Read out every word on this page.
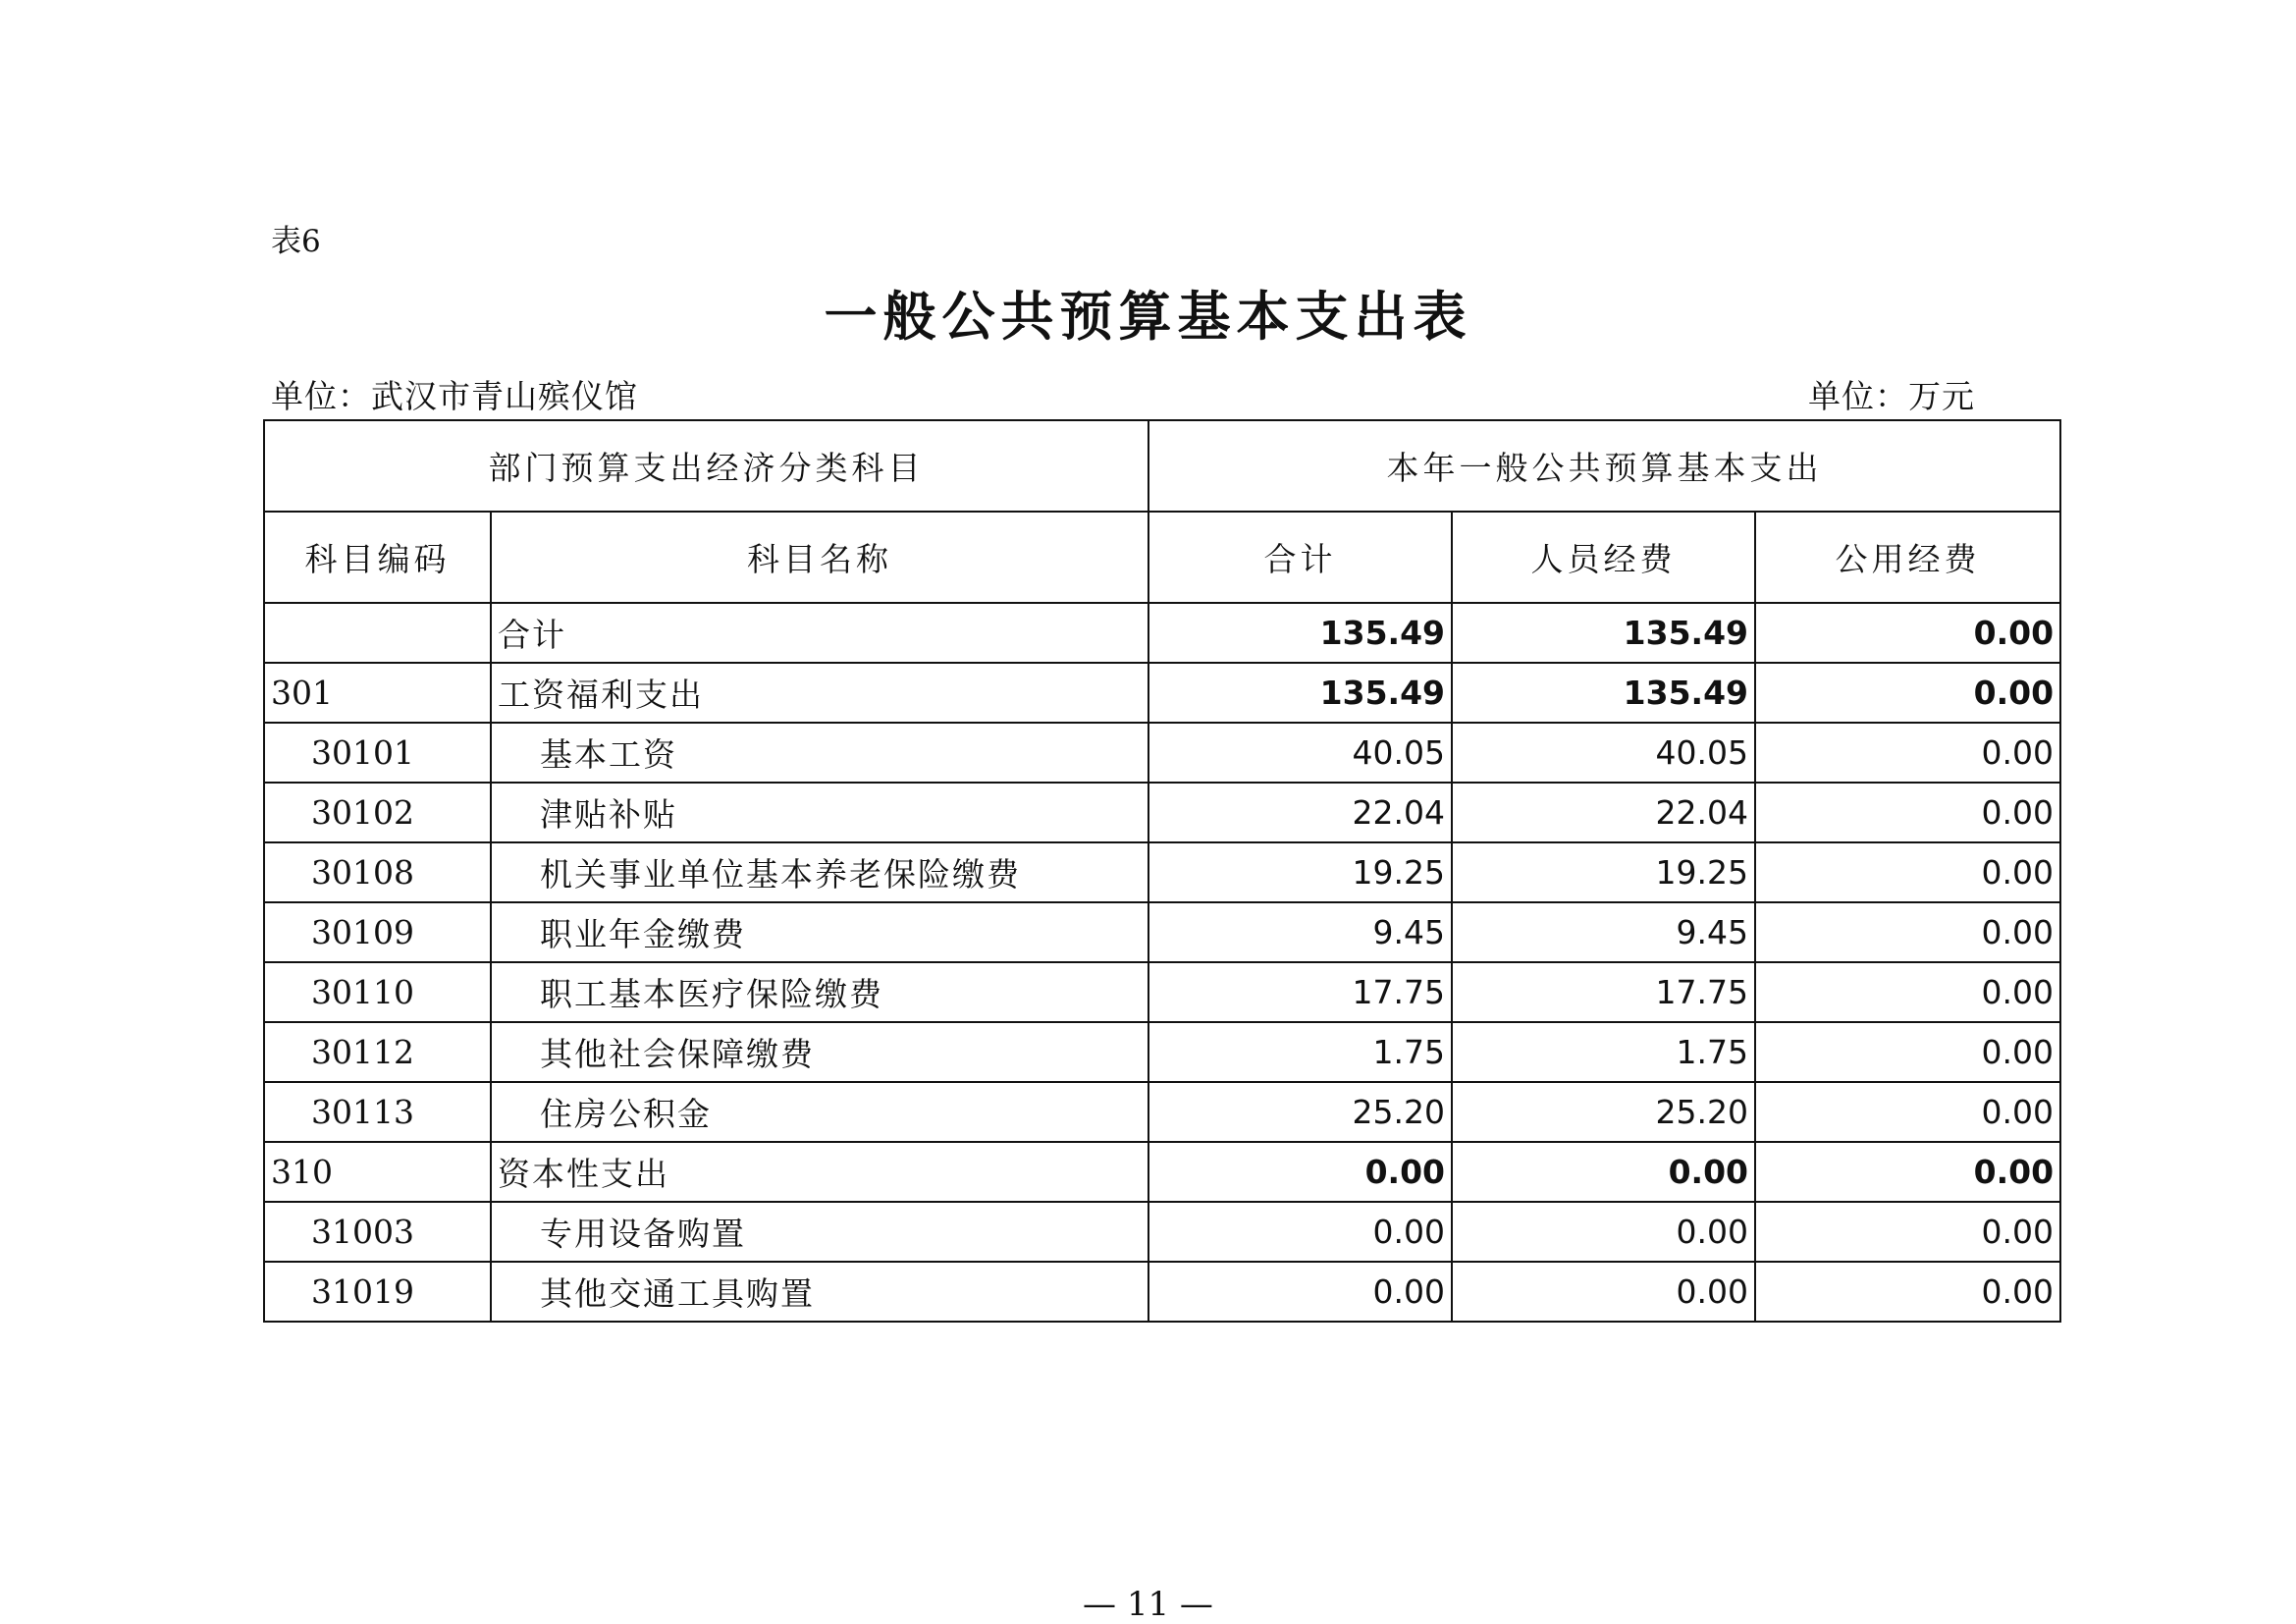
表6
一般公共预算基本支出表
单位：武汉市青山殡仪馆	单位：万元
部门预算支出经济分类科目		本年一般公共预算基本支出		
科目编码	科目名称	合计	人员经费	公用经费
	合计	135.49	135.49	0.00
301	工资福利支出	135.49	135.49	0.00
30101	基本工资	40.05	40.05	0.00
30102	津贴补贴	22.04	22.04	0.00
30108	机关事业单位基本养老保险缴费	19.25	19.25	0.00
30109	职业年金缴费	9.45	9.45	0.00
30110	职工基本医疗保险缴费	17.75	17.75	0.00
30112	其他社会保障缴费	1.75	1.75	0.00
30113	住房公积金	25.20	25.20	0.00
310	资本性支出	0.00	0.00	0.00
31003	专用设备购置	0.00	0.00	0.00
31019	其他交通工具购置	0.00	0.00	0.00
— 11 —
